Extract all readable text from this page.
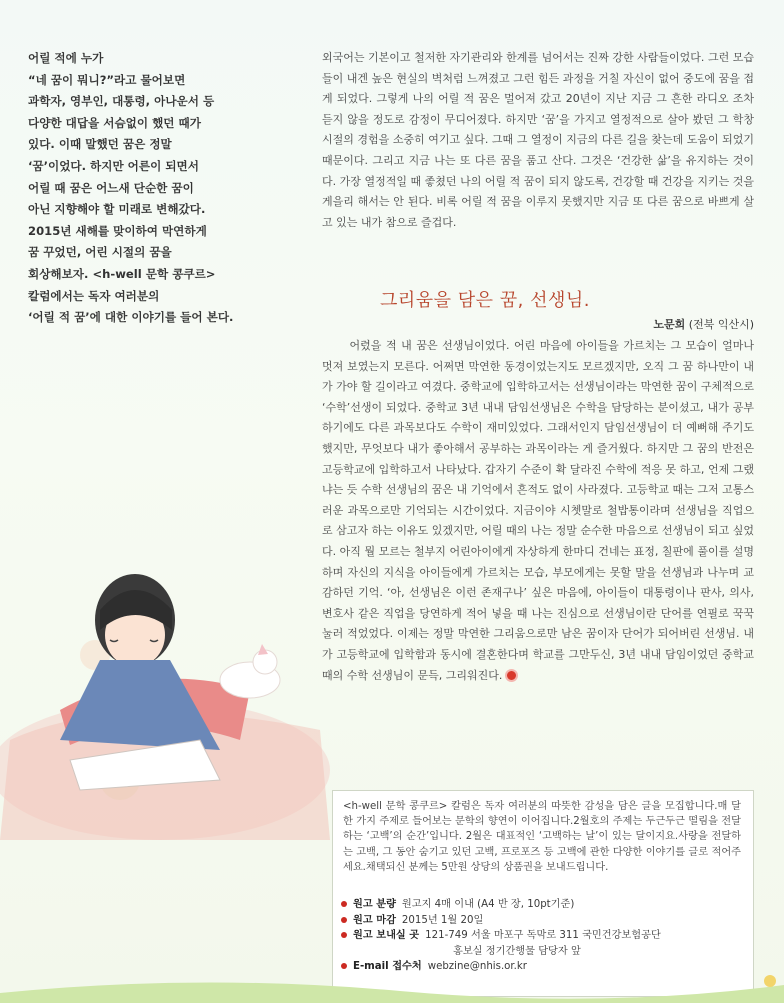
어릴 적에 누가

“네 꿈이 뭐니?”라고 물어보면

과학자, 영부인, 대통령, 아나운서 등

다양한 대답을 서슴없이 했던 때가

있다. 이때 말했던 꿈은 정말

‘꿈’이었다. 하지만 어른이 되면서

어릴 때 꿈은 어느새 단순한 꿈이

아닌 지향해야 할 미래로 변해갔다.

2015년 새해를 맞이하여 막연하게

꿈 꾸었던, 어린 시절의 꿈을

회상해보자. <h-well 문학 콩쿠르>

칼럼에서는 독자 여러분의

‘어릴 적 꿈’에 대한 이야기를 들어 본다.

외국어는 기본이고 철저한 자기관리와 한계를 넘어서는 진짜 강한 사람들이었다. 그런 모습들이 내겐 높은 현실의 벽처럼 느껴졌고 그런 힘든 과정을 거칠 자신이 없어 중도에 꿈을 접게 되었다. 그렇게 나의 어릴 적 꿈은 멀어져 갔고 20년이 지난 지금 그 흔한 라디오 조차 듣지 않을 정도로 감정이 무디어졌다. 하지만 ‘꿈’을 가지고 열정적으로 살아 봤던 그 학창시절의 경험을 소중히 여기고 싶다. 그때 그 열정이 지금의 다른 길을 찾는데 도움이 되었기 때문이다. 그리고 지금 나는 또 다른 꿈을 품고 산다. 그것은 ‘건강한 삶’을 유지하는 것이다. 가장 열정적일 때 좋쳤던 나의 어릴 적 꿈이 되지 않도록, 건강할 때 건강을 지키는 것을 게을리 해서는 안 된다. 비록 어릴 적 꿈을 이루지 못했지만 지금 또 다른 꿈으로 바쁘게 살고 있는 내가 참으로 즐겁다.

그리움을 담은 꿈, 선생님.
노문희 (전북 익산시)

어렸을 적 내 꿈은 선생님이었다. 어린 마음에 아이들을 가르치는 그 모습이 얼마나 멋져 보였는지 모른다. 어쩌면 막연한 동경이었는지도 모르겠지만, 오직 그 꿈 하나만이 내가 가야 할 길이라고 여겼다. 중학교에 입학하고서는 선생님이라는 막연한 꿈이 구체적으로 ‘수학’선생이 되었다. 중학교 3년 내내 담임선생님은 수학을 담당하는 분이셨고, 내가 공부하기에도 다른 과목보다도 수학이 재미있었다. 그래서인지 담임선생님이 더 예뻐해 주기도 했지만, 무엇보다 내가 좋아해서 공부하는 과목이라는 게 즐거웠다. 하지만 그 꿈의 반전은 고등학교에 입학하고서 나타났다. 갑자기 수준이 확 달라진 수학에 적응 못 하고, 언제 그랬냐는 듯 수학 선생님의 꿈은 내 기억에서 흔적도 없이 사라졌다. 고등학교 때는 그저 고통스러운 과목으로만 기억되는 시간이었다. 지금이야 시쳇말로 철밥통이라며 선생님을 직업으로 삼고자 하는 이유도 있겠지만, 어릴 때의 나는 정말 순수한 마음으로 선생님이 되고 싶었다. 아직 뭘 모르는 철부지 어린아이에게 자상하게 한마디 건네는 표정, 칠판에 풀이를 설명하며 자신의 지식을 아이들에게 가르치는 모습, 부모에게는 못할 말을 선생님과 나누며 교감하던 기억. ‘아, 선생님은 이런 존재구나’ 싶은 마음에, 아이들이 대통령이나 판사, 의사, 변호사 같은 직업을 당연하게 적어 넣을 때 나는 진심으로 선생님이란 단어를 연필로 꾹꾹 눌러 적었었다. 이제는 정말 막연한 그리움으로만 남은 꿈이자 단어가 되어버린 선생님. 내가 고등학교에 입학함과 동시에 결혼한다며 학교를 그만두신, 3년 내내 담임이었던 중학교 때의 수학 선생님이 문득, 그리워진다.

<h-well 문학 콩쿠르> 칼럼은 독자 여러분의 따뜻한 감성을 담은 글을 모집합니다.매 달 한 가지 주제로 들어보는 문학의 향연이 이어집니다.2월호의 주제는 두근두근 떨림을 전달하는 ‘고백’의 순간’입니다. 2월은 대표적인 ‘고백하는 날’이 있는 달이지요.사랑을 전달하는 고백, 그 동안 숨기고 있던 고백, 프로포즈 등 고백에 관한 다양한 이야기를 글로 적어주세요.채택되신 분께는 5만원 상당의 상품권을 보내드립니다.
원고 분량 원고지 4매 이내 (A4 반 장, 10pt기준)
원고 마감 2015년 1월 20일
원고 보내실 곳 121-749 서울 마포구 독막로 311 국민건강보험공단
홍보실 정기간행물 담당자 앞
E-mail 접수처 webzine@nhis.or.kr
